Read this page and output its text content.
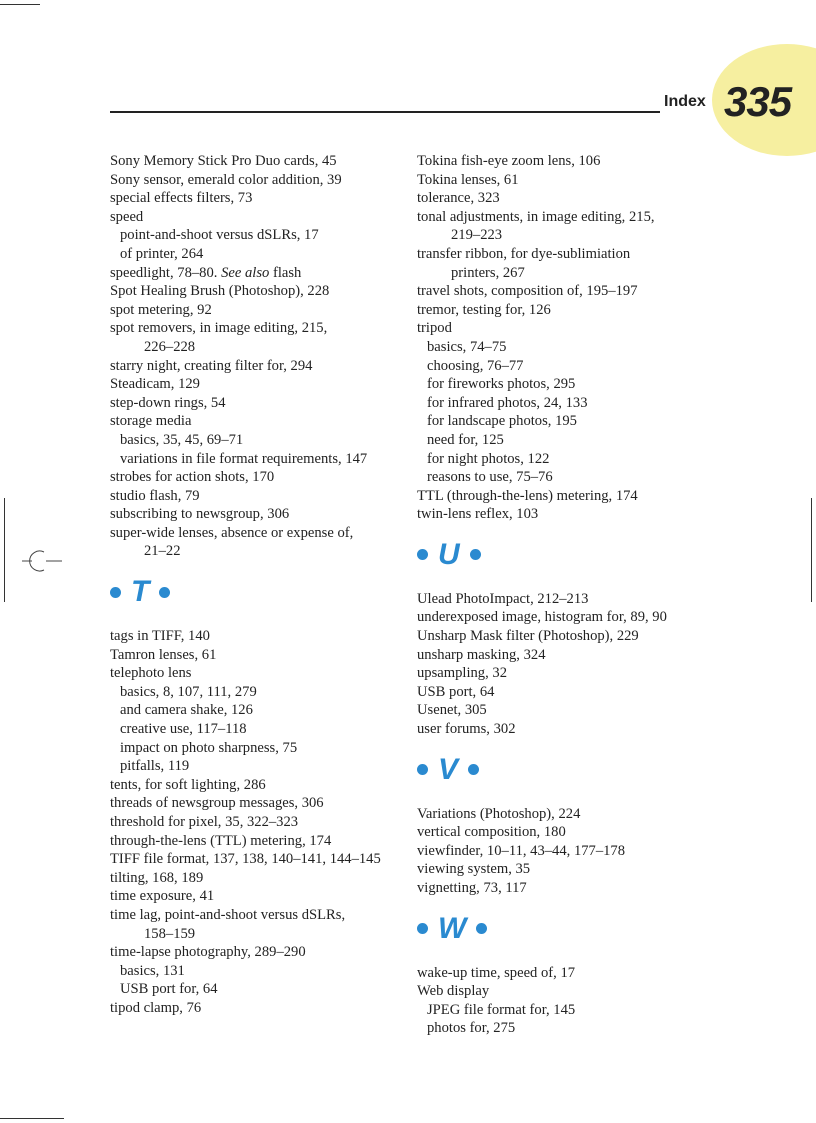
Index 335
Sony Memory Stick Pro Duo cards, 45
Sony sensor, emerald color addition, 39
special effects filters, 73
speed
point-and-shoot versus dSLRs, 17
of printer, 264
speedlight, 78–80. See also flash
Spot Healing Brush (Photoshop), 228
spot metering, 92
spot removers, in image editing, 215,
226–228
starry night, creating filter for, 294
Steadicam, 129
step-down rings, 54
storage media
basics, 35, 45, 69–71
variations in file format requirements, 147
strobes for action shots, 170
studio flash, 79
subscribing to newsgroup, 306
super-wide lenses, absence or expense of,
21–22
T
tags in TIFF, 140
Tamron lenses, 61
telephoto lens
basics, 8, 107, 111, 279
and camera shake, 126
creative use, 117–118
impact on photo sharpness, 75
pitfalls, 119
tents, for soft lighting, 286
threads of newsgroup messages, 306
threshold for pixel, 35, 322–323
through-the-lens (TTL) metering, 174
TIFF file format, 137, 138, 140–141, 144–145
tilting, 168, 189
time exposure, 41
time lag, point-and-shoot versus dSLRs,
158–159
time-lapse photography, 289–290
basics, 131
USB port for, 64
tipod clamp, 76
Tokina fish-eye zoom lens, 106
Tokina lenses, 61
tolerance, 323
tonal adjustments, in image editing, 215,
219–223
transfer ribbon, for dye-sublimiation
printers, 267
travel shots, composition of, 195–197
tremor, testing for, 126
tripod
basics, 74–75
choosing, 76–77
for fireworks photos, 295
for infrared photos, 24, 133
for landscape photos, 195
need for, 125
for night photos, 122
reasons to use, 75–76
TTL (through-the-lens) metering, 174
twin-lens reflex, 103
U
Ulead PhotoImpact, 212–213
underexposed image, histogram for, 89, 90
Unsharp Mask filter (Photoshop), 229
unsharp masking, 324
upsampling, 32
USB port, 64
Usenet, 305
user forums, 302
V
Variations (Photoshop), 224
vertical composition, 180
viewfinder, 10–11, 43–44, 177–178
viewing system, 35
vignetting, 73, 117
W
wake-up time, speed of, 17
Web display
JPEG file format for, 145
photos for, 275
